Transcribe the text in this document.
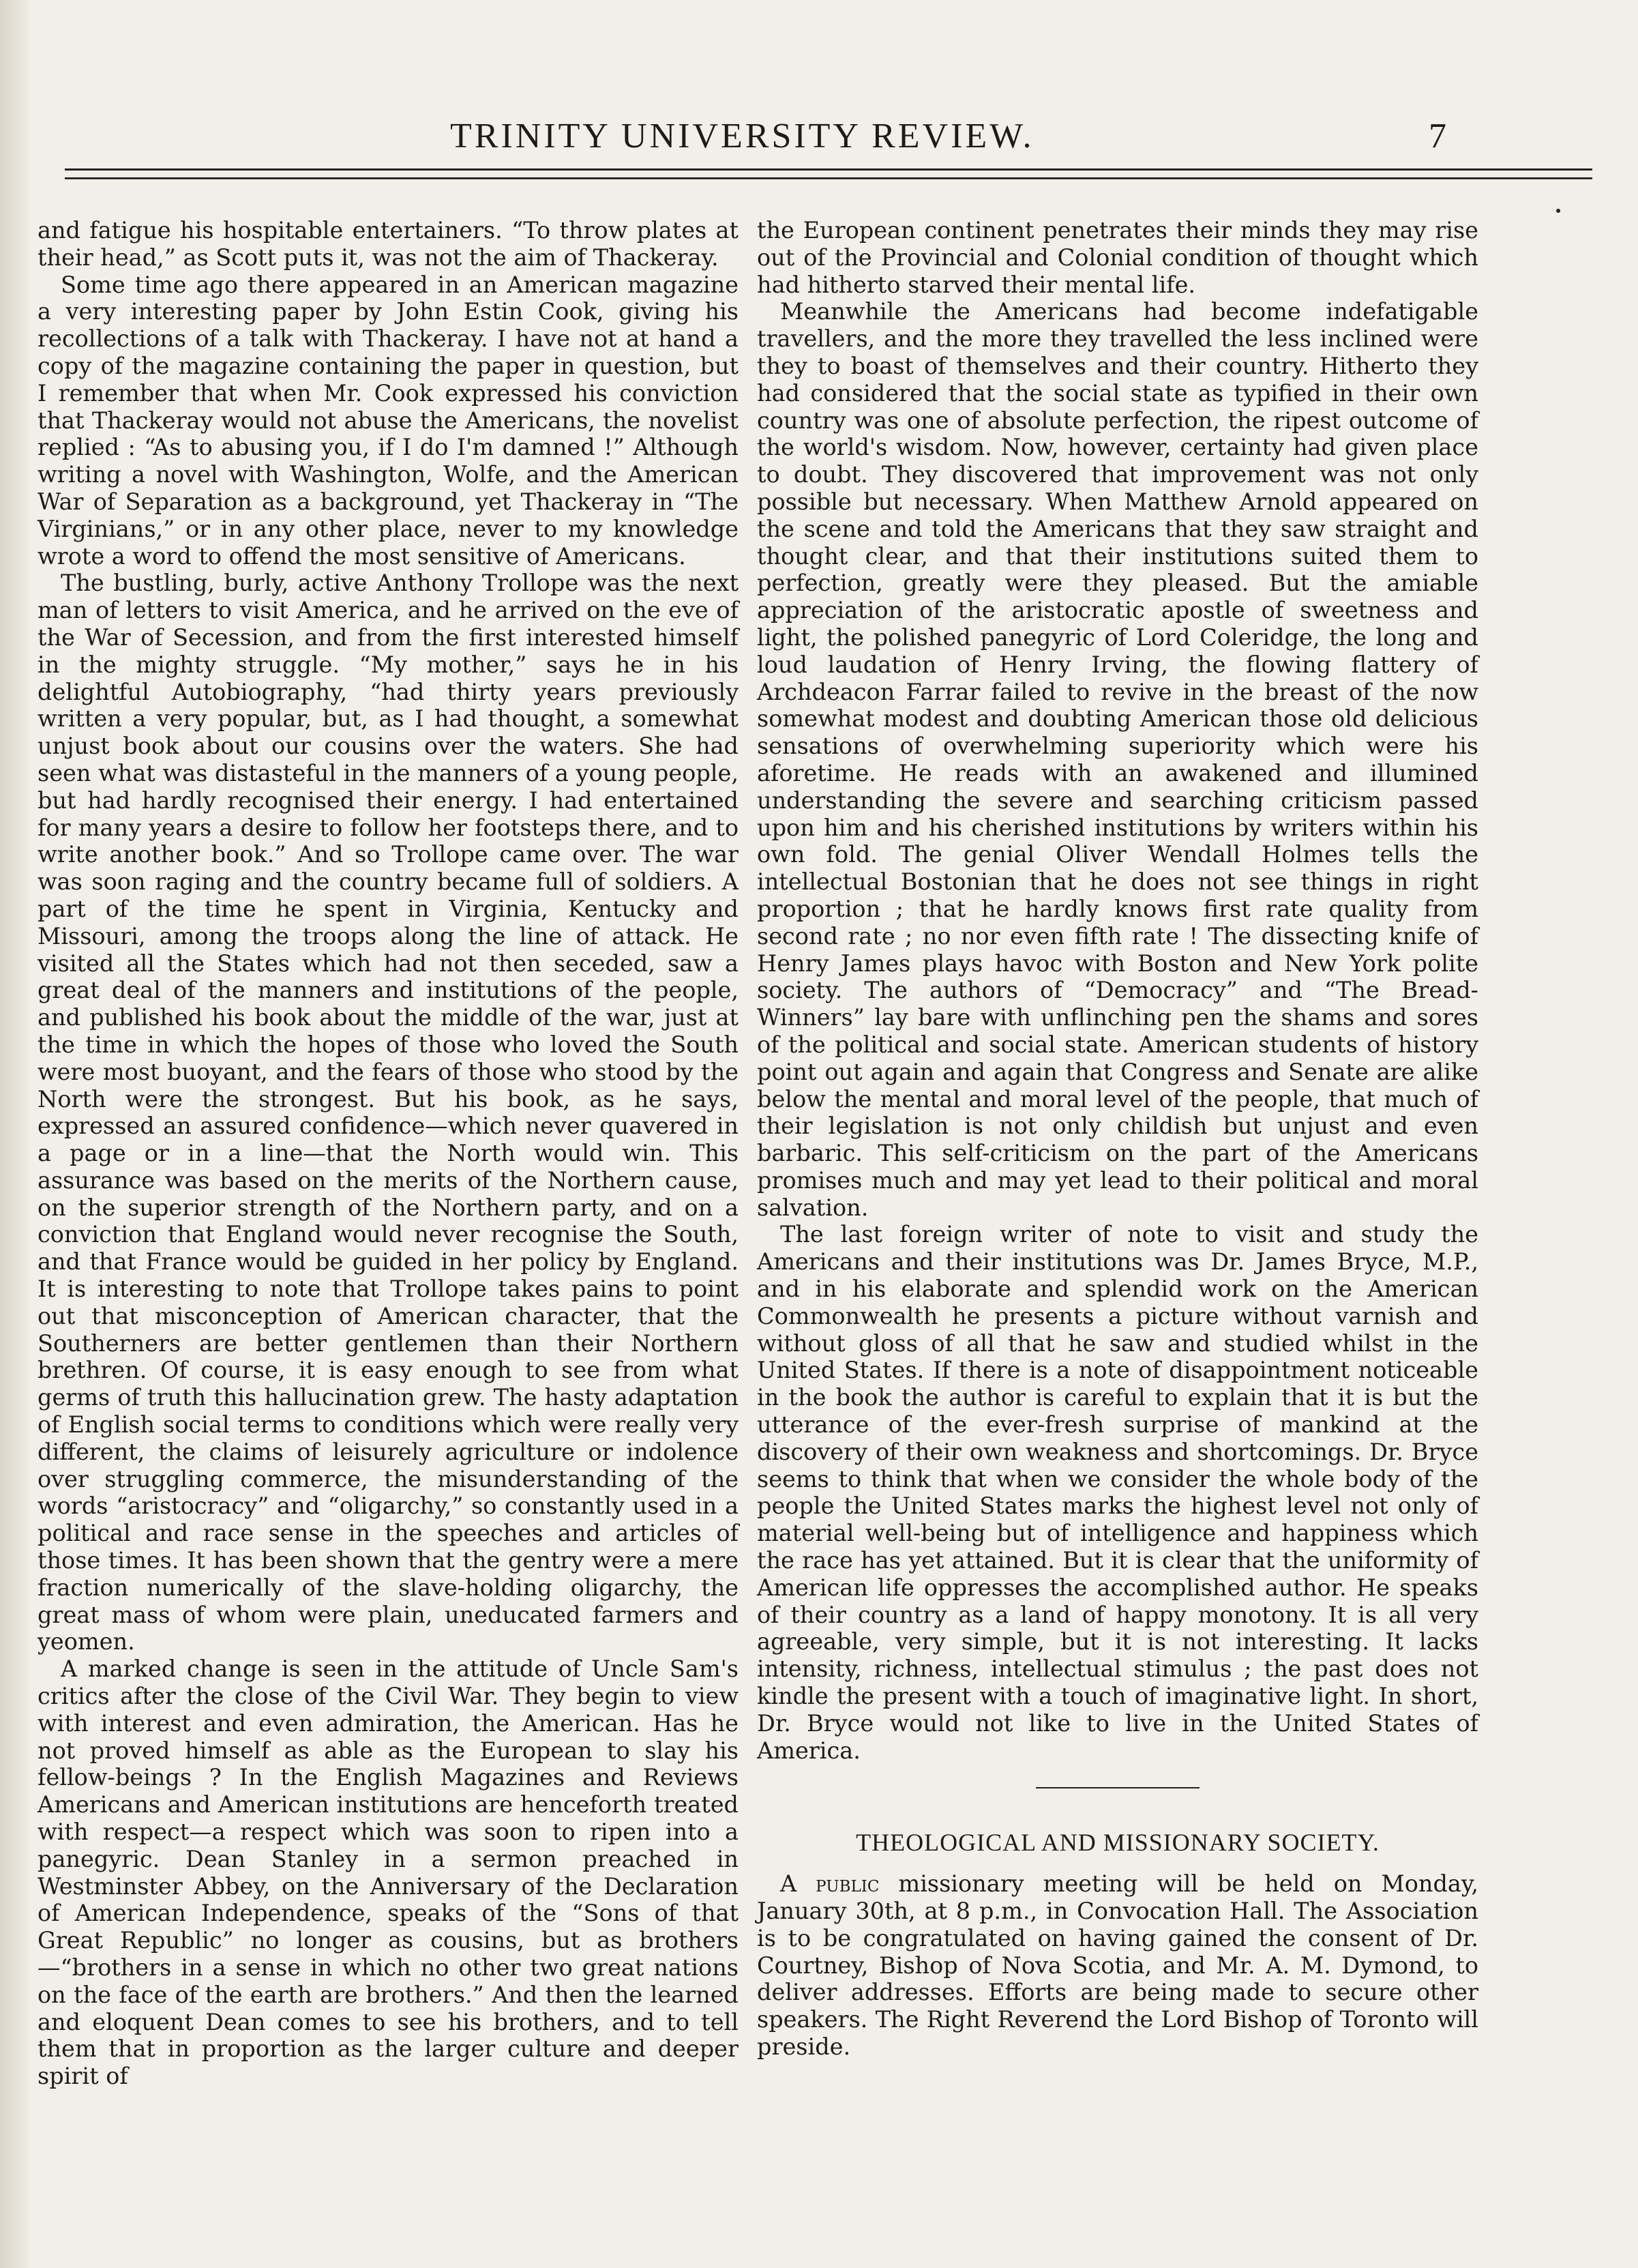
TRINITY UNIVERSITY REVIEW.	7

and fatigue his hospitable entertainers. “To throw plates at their head,” as Scott puts it, was not the aim of Thackeray.

Some time ago there appeared in an American magazine a very interesting paper by John Estin Cook, giving his recollections of a talk with Thackeray. I have not at hand a copy of the magazine containing the paper in question, but I remember that when Mr. Cook expressed his conviction that Thackeray would not abuse the Americans, the novelist replied : “As to abusing you, if I do I'm damned !” Although writing a novel with Washington, Wolfe, and the American War of Separation as a background, yet Thackeray in “The Virginians,” or in any other place, never to my knowledge wrote a word to offend the most sensitive of Americans.

The bustling, burly, active Anthony Trollope was the next man of letters to visit America, and he arrived on the eve of the War of Secession, and from the first interested himself in the mighty struggle. “My mother,” says he in his delightful Autobiography, “had thirty years previously written a very popular, but, as I had thought, a somewhat unjust book about our cousins over the waters. She had seen what was distasteful in the manners of a young people, but had hardly recognised their energy. I had entertained for many years a desire to follow her footsteps there, and to write another book.” And so Trollope came over. The war was soon raging and the country became full of soldiers. A part of the time he spent in Virginia, Kentucky and Missouri, among the troops along the line of attack. He visited all the States which had not then seceded, saw a great deal of the manners and institutions of the people, and published his book about the middle of the war, just at the time in which the hopes of those who loved the South were most buoyant, and the fears of those who stood by the North were the strongest. But his book, as he says, expressed an assured confidence—which never quavered in a page or in a line—that the North would win. This assurance was based on the merits of the Northern cause, on the superior strength of the Northern party, and on a conviction that England would never recognise the South, and that France would be guided in her policy by England. It is interesting to note that Trollope takes pains to point out that misconception of American character, that the Southerners are better gentlemen than their Northern brethren. Of course, it is easy enough to see from what germs of truth this hallucination grew. The hasty adaptation of English social terms to conditions which were really very different, the claims of leisurely agriculture or indolence over struggling commerce, the misunderstanding of the words “aristocracy” and “oligarchy,” so constantly used in a political and race sense in the speeches and articles of those times. It has been shown that the gentry were a mere fraction numerically of the slave-holding oligarchy, the great mass of whom were plain, uneducated farmers and yeomen.

A marked change is seen in the attitude of Uncle Sam's critics after the close of the Civil War. They begin to view with interest and even admiration, the American. Has he not proved himself as able as the European to slay his fellow-beings ? In the English Magazines and Reviews Americans and American institutions are henceforth treated with respect—a respect which was soon to ripen into a panegyric. Dean Stanley in a sermon preached in Westminster Abbey, on the Anniversary of the Declaration of American Independence, speaks of the “Sons of that Great Republic” no longer as cousins, but as brothers—“brothers in a sense in which no other two great nations on the face of the earth are brothers.” And then the learned and eloquent Dean comes to see his brothers, and to tell them that in proportion as the larger culture and deeper spirit of

the European continent penetrates their minds they may rise out of the Provincial and Colonial condition of thought which had hitherto starved their mental life.

Meanwhile the Americans had become indefatigable travellers, and the more they travelled the less inclined were they to boast of themselves and their country. Hitherto they had considered that the social state as typified in their own country was one of absolute perfection, the ripest outcome of the world's wisdom. Now, however, certainty had given place to doubt. They discovered that improvement was not only possible but necessary. When Matthew Arnold appeared on the scene and told the Americans that they saw straight and thought clear, and that their institutions suited them to perfection, greatly were they pleased. But the amiable appreciation of the aristocratic apostle of sweetness and light, the polished panegyric of Lord Coleridge, the long and loud laudation of Henry Irving, the flowing flattery of Archdeacon Farrar failed to revive in the breast of the now somewhat modest and doubting American those old delicious sensations of overwhelming superiority which were his aforetime. He reads with an awakened and illumined understanding the severe and searching criticism passed upon him and his cherished institutions by writers within his own fold. The genial Oliver Wendall Holmes tells the intellectual Bostonian that he does not see things in right proportion ; that he hardly knows first rate quality from second rate ; no nor even fifth rate ! The dissecting knife of Henry James plays havoc with Boston and New York polite society. The authors of “Democracy” and “The Bread-Winners” lay bare with unflinching pen the shams and sores of the political and social state. American students of history point out again and again that Congress and Senate are alike below the mental and moral level of the people, that much of their legislation is not only childish but unjust and even barbaric. This self-criticism on the part of the Americans promises much and may yet lead to their political and moral salvation.

The last foreign writer of note to visit and study the Americans and their institutions was Dr. James Bryce, M.P., and in his elaborate and splendid work on the American Commonwealth he presents a picture without varnish and without gloss of all that he saw and studied whilst in the United States. If there is a note of disappointment noticeable in the book the author is careful to explain that it is but the utterance of the ever-fresh surprise of mankind at the discovery of their own weakness and shortcomings. Dr. Bryce seems to think that when we consider the whole body of the people the United States marks the highest level not only of material well-being but of intelligence and happiness which the race has yet attained. But it is clear that the uniformity of American life oppresses the accomplished author. He speaks of their country as a land of happy monotony. It is all very agreeable, very simple, but it is not interesting. It lacks intensity, richness, intellectual stimulus ; the past does not kindle the present with a touch of imaginative light. In short, Dr. Bryce would not like to live in the United States of America.

THEOLOGICAL AND MISSIONARY SOCIETY.

A public missionary meeting will be held on Monday, January 30th, at 8 p.m., in Convocation Hall. The Association is to be congratulated on having gained the consent of Dr. Courtney, Bishop of Nova Scotia, and Mr. A. M. Dymond, to deliver addresses. Efforts are being made to secure other speakers. The Right Reverend the Lord Bishop of Toronto will preside.
